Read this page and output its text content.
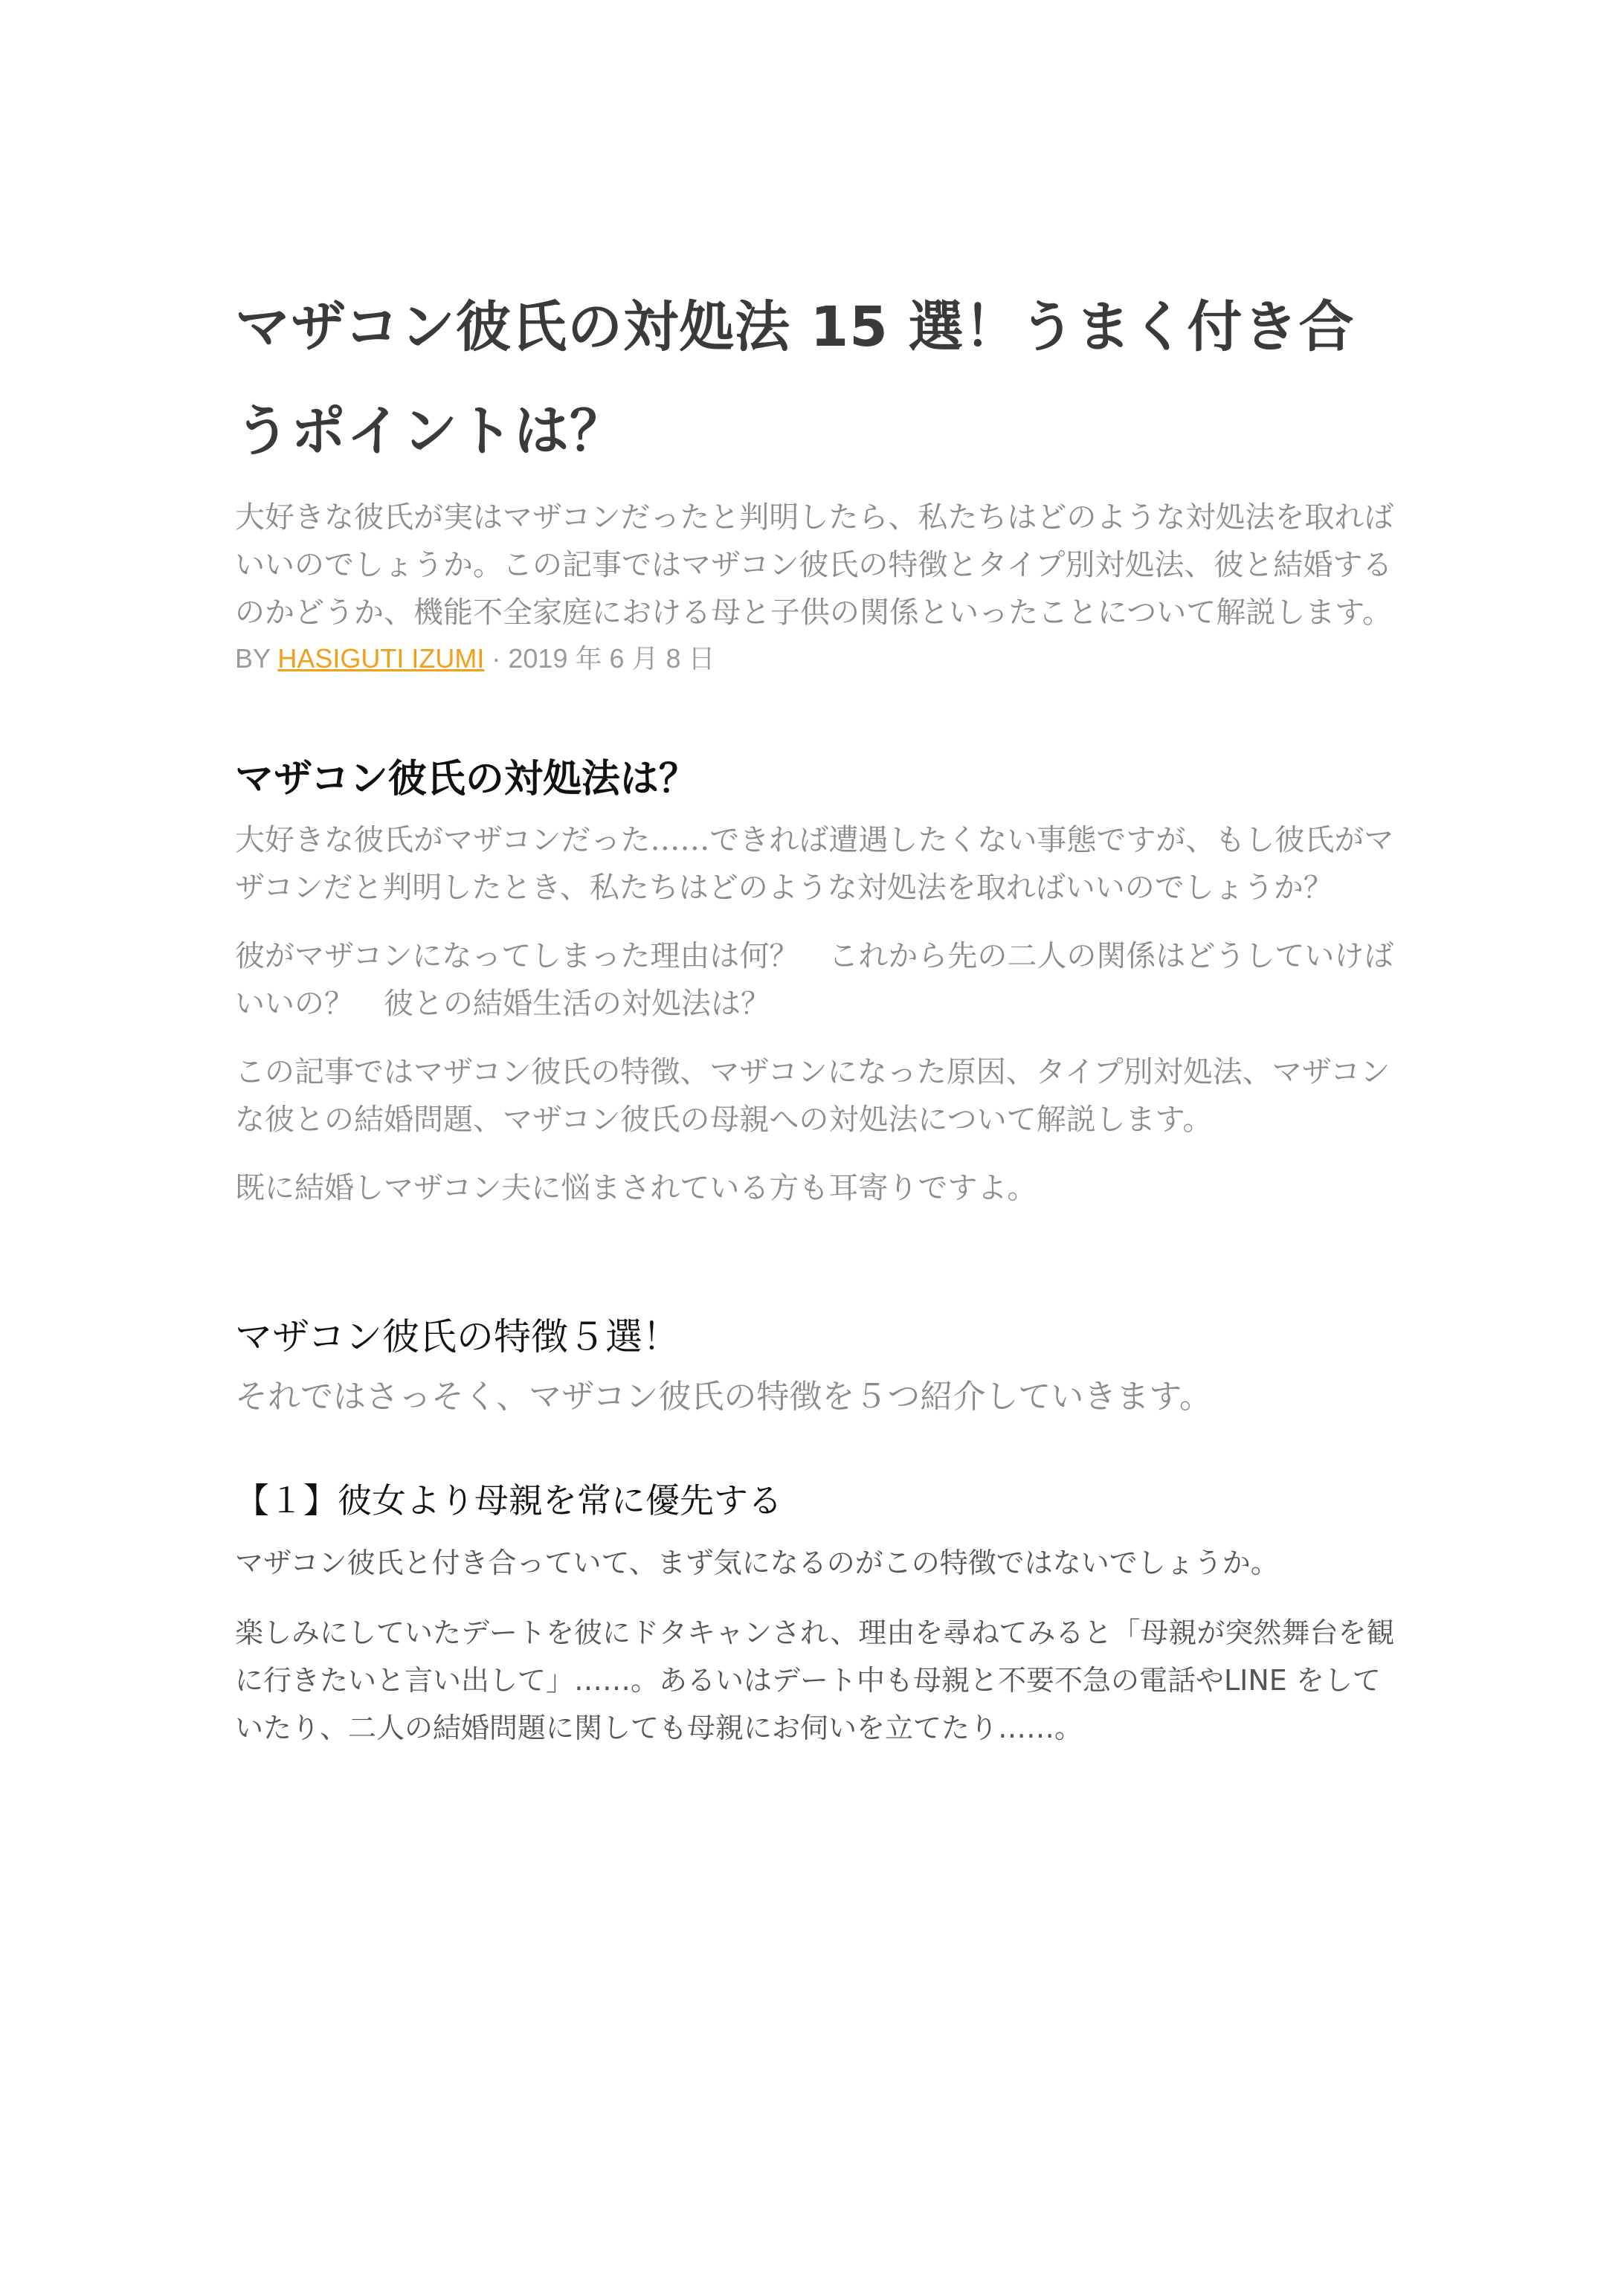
マザコン彼氏の対処法 15 選！うまく付き合うポイントは？

大好きな彼氏が実はマザコンだったと判明したら、私たちはどのような対処法を取ればいいのでしょうか。この記事ではマザコン彼氏の特徴とタイプ別対処法、彼と結婚するのかどうか、機能不全家庭における母と子供の関係といったことについて解説します。

BY HASIGUTI IZUMI · 2019 年 6 月 8 日

マザコン彼氏の対処法は？

大好きな彼氏がマザコンだった……できれば遭遇したくない事態ですが、もし彼氏がマザコンだと判明したとき、私たちはどのような対処法を取ればいいのでしょうか？

彼がマザコンになってしまった理由は何？　これから先の二人の関係はどうしていけばいいの？　彼との結婚生活の対処法は？

この記事ではマザコン彼氏の特徴、マザコンになった原因、タイプ別対処法、マザコンな彼との結婚問題、マザコン彼氏の母親への対処法について解説します。

既に結婚しマザコン夫に悩まされている方も耳寄りですよ。

マザコン彼氏の特徴５選！

それではさっそく、マザコン彼氏の特徴を５つ紹介していきます。

【１】彼女より母親を常に優先する

マザコン彼氏と付き合っていて、まず気になるのがこの特徴ではないでしょうか。

楽しみにしていたデートを彼にドタキャンされ、理由を尋ねてみると「母親が突然舞台を観に行きたいと言い出して」……。あるいはデート中も母親と不要不急の電話やLINE をしていたり、二人の結婚問題に関しても母親にお伺いを立てたり……。
